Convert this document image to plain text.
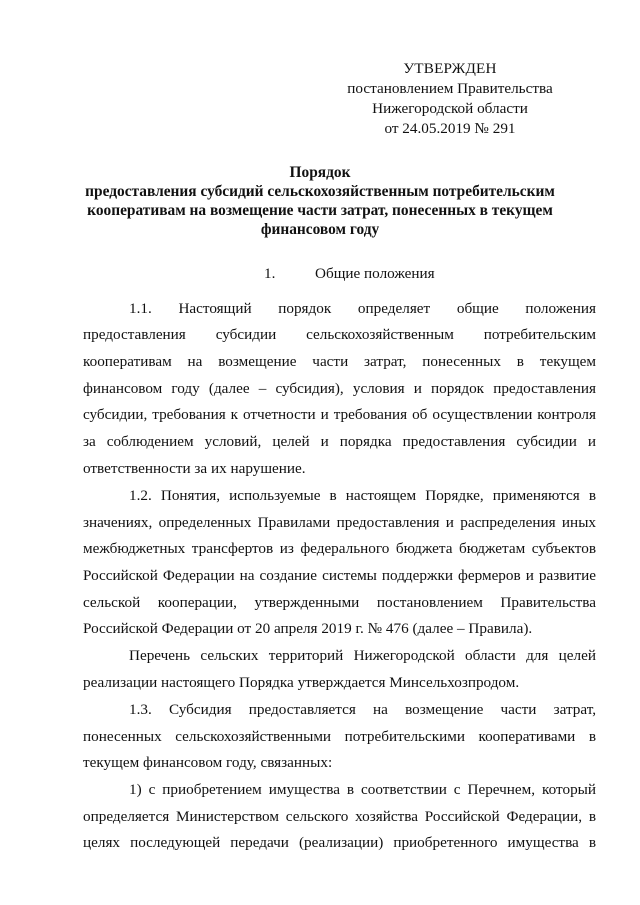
УТВЕРЖДЕН
постановлением Правительства
Нижегородской области
от 24.05.2019 № 291
Порядок
предоставления субсидий сельскохозяйственным потребительским
кооперативам на возмещение части затрат, понесенных в текущем
финансовом году
1.	Общие положения
1.1. Настоящий порядок определяет общие положения
предоставления субсидии сельскохозяйственным потребительским
кооперативам на возмещение части затрат, понесенных в текущем
финансовом году (далее – субсидия), условия и порядок предоставления
субсидии, требования к отчетности и требования об осуществлении контроля
за соблюдением условий, целей и порядка предоставления субсидии и
ответственности за их нарушение.
1.2. Понятия, используемые в настоящем Порядке, применяются в
значениях, определенных Правилами предоставления и распределения иных
межбюджетных трансфертов из федерального бюджета бюджетам субъектов
Российской Федерации на создание системы поддержки фермеров и развитие
сельской кооперации, утвержденными постановлением Правительства
Российской Федерации от 20 апреля 2019 г. № 476 (далее – Правила).
Перечень сельских территорий Нижегородской области для целей
реализации настоящего Порядка утверждается Минсельхозпродом.
1.3. Субсидия предоставляется на возмещение части затрат,
понесенных сельскохозяйственными потребительскими кооперативами в
текущем финансовом году, связанных:
1) с приобретением имущества в соответствии с Перечнем, который
определяется Министерством сельского хозяйства Российской Федерации, в
целях последующей передачи (реализации) приобретенного имущества в
